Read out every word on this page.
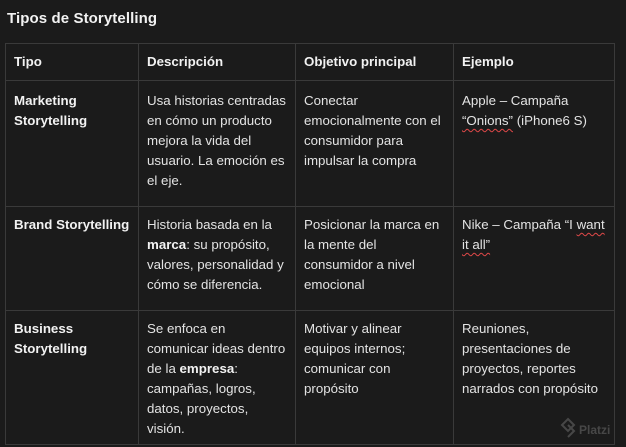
Tipos de Storytelling
Tipo	Descripción	Objetivo principal	Ejemplo
Marketing Storytelling	Usa historias centradas en cómo un producto mejora la vida del usuario. La emoción es el eje.	Conectar emocionalmente con el consumidor para impulsar la compra	Apple – Campaña “Onions” (iPhone6 S)
Brand Storytelling	Historia basada en la marca: su propósito, valores, personalidad y cómo se diferencia.	Posicionar la marca en la mente del consumidor a nivel emocional	Nike – Campaña “I want it all”
Business Storytelling	Se enfoca en comunicar ideas dentro de la empresa: campañas, logros, datos, proyectos, visión.	Motivar y alinear equipos internos; comunicar con propósito	Reuniones, presentaciones de proyectos, reportes narrados con propósito
Platzi
